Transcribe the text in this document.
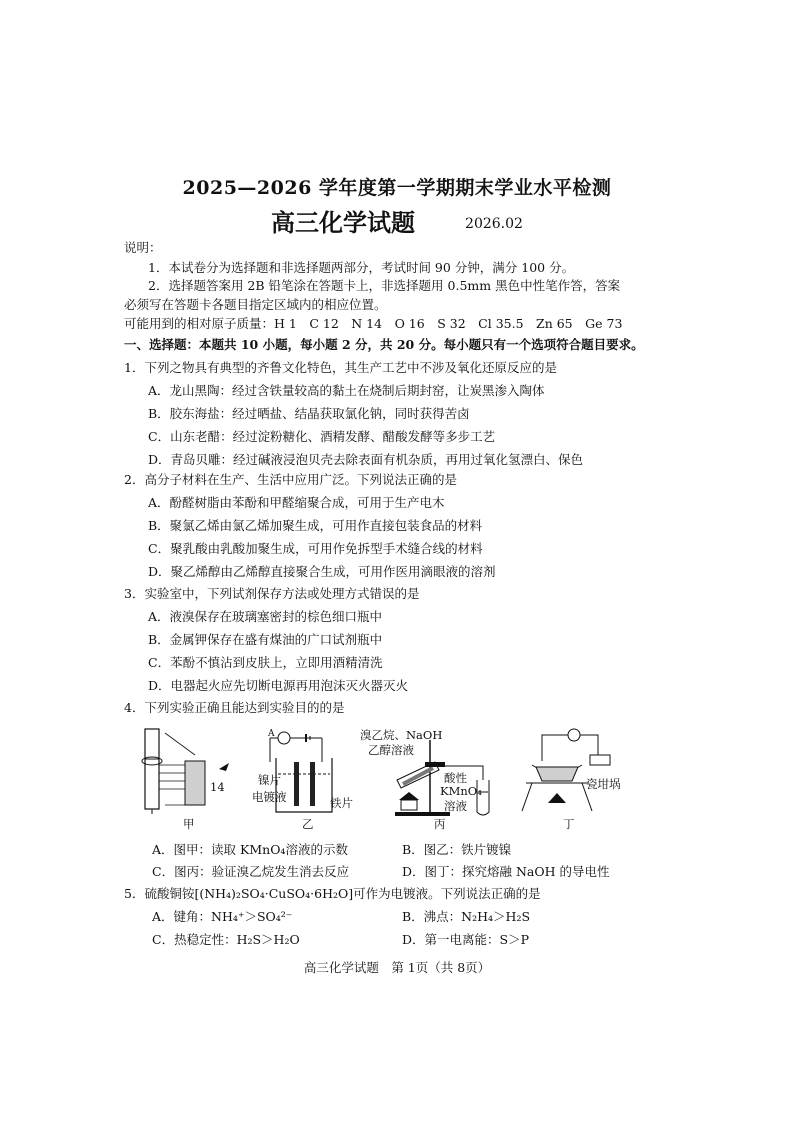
2025—2026 学年度第一学期期末学业水平检测
高三化学试题	2026.02
说明：
1．本试卷分为选择题和非选择题两部分，考试时间 90 分钟，满分 100 分。
2．选择题答案用 2B 铅笔涂在答题卡上，非选择题用 0.5mm 黑色中性笔作答，答案
必须写在答题卡各题目指定区域内的相应位置。
可能用到的相对原子质量：H 1　C 12　N 14　O 16　S 32　Cl 35.5　Zn 65　Ge 73
一、选择题：本题共 10 小题，每小题 2 分，共 20 分。每小题只有一个选项符合题目要求。
1．下列之物具有典型的齐鲁文化特色，其生产工艺中不涉及氧化还原反应的是
A．龙山黑陶：经过含铁量较高的黏土在烧制后期封窑，让炭黑渗入陶体
B．胶东海盐：经过晒盐、结晶获取氯化钠，同时获得苦卤
C．山东老醋：经过淀粉糖化、酒精发酵、醋酸发酵等多步工艺
D．青岛贝雕：经过碱液浸泡贝壳去除表面有机杂质，再用过氧化氢漂白、保色
2．高分子材料在生产、生活中应用广泛。下列说法正确的是
A．酚醛树脂由苯酚和甲醛缩聚合成，可用于生产电木
B．聚氯乙烯由氯乙烯加聚生成，可用作直接包装食品的材料
C．聚乳酸由乳酸加聚生成，可用作免拆型手术缝合线的材料
D．聚乙烯醇由乙烯醇直接聚合生成，可用作医用滴眼液的溶剂
3．实验室中，下列试剂保存方法或处理方式错误的是
A．液溴保存在玻璃塞密封的棕色细口瓶中
B．金属钾保存在盛有煤油的广口试剂瓶中
C．苯酚不慎沾到皮肤上，立即用酒精清洗
D．电器起火应先切断电源再用泡沫灭火器灭火
4．下列实验正确且能达到实验目的的是
14
甲
A
镍片
电镀液	铁片
乙
溴乙烷、NaOH
乙醇溶液
酸性
KMnO₄
溶液
丙
瓷坩埚
丁
A．图甲：读取 KMnO₄溶液的示数	B．图乙：铁片镀镍
C．图丙：验证溴乙烷发生消去反应	D．图丁：探究熔融 NaOH 的导电性
5．硫酸铜铵[(NH₄)₂SO₄·CuSO₄·6H₂O]可作为电镀液。下列说法正确的是
A．键角：NH₄⁺＞SO₄²⁻	B．沸点：N₂H₄＞H₂S
C．热稳定性：H₂S＞H₂O	D．第一电离能：S＞P
高三化学试题　第 1页（共 8页）
